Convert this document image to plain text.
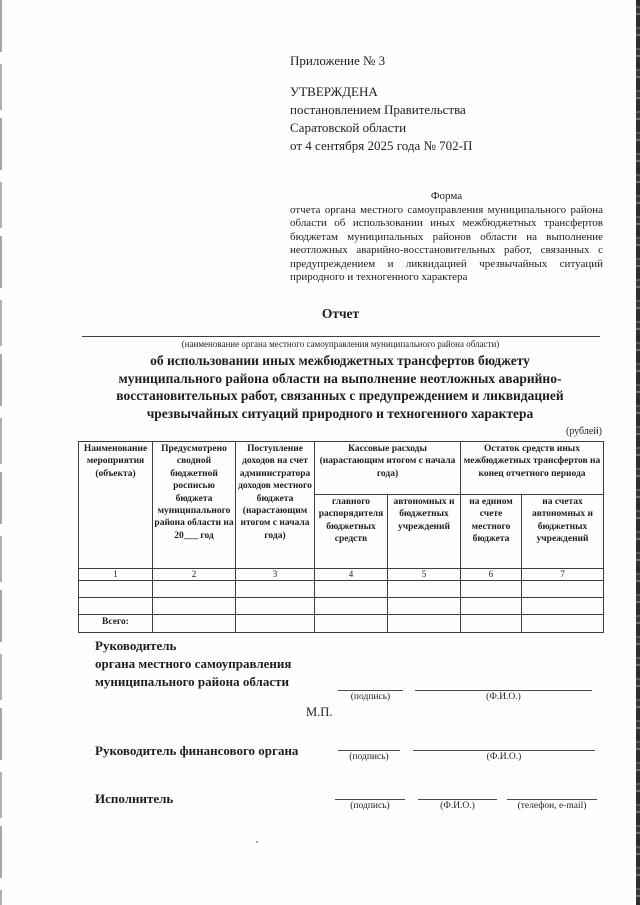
Приложение № 3
УТВЕРЖДЕНА
постановлением Правительства
Саратовской области
от 4 сентября 2025 года № 702-П
Форма
отчета органа местного самоуправления муниципального района области об использовании иных межбюджетных трансфертов бюджетам муниципальных районов области на выполнение неотложных аварийно-восстановительных работ, связанных с предупреждением и ликвидацией чрезвычайных ситуаций природного и техногенного характера
Отчет
(наименование органа местного самоуправления муниципального района области)
об использовании иных межбюджетных трансфертов бюджету
муниципального района области на выполнение неотложных аварийно-
восстановительных работ, связанных с предупреждением и ликвидацией
чрезвычайных ситуаций природного и техногенного характера
(рублей)
Наименование мероприятия (объекта)	Предусмотрено сводной бюджетной росписью бюджета муниципального района области на 20___ год	Поступление доходов на счет администратора доходов местного бюджета (нарастающим итогом с начала года)	Кассовые расходы (нарастающим итогом с начала года)		Остаток средств иных межбюджетных трансфертов на конец отчетного периода	
			главного распорядителя бюджетных средств	автономных и бюджетных учреждений	на едином счете местного бюджета	на счетах автономных и бюджетных учреждений
1	2	3	4	5	6	7

Всего:						
Руководитель
органа местного самоуправления
муниципального района области
(подпись)	(Ф.И.О.)
М.П.
Руководитель финансового органа	(подпись)	(Ф.И.О.)
Исполнитель	(подпись)	(Ф.И.О.)	(телефон, e-mail)
